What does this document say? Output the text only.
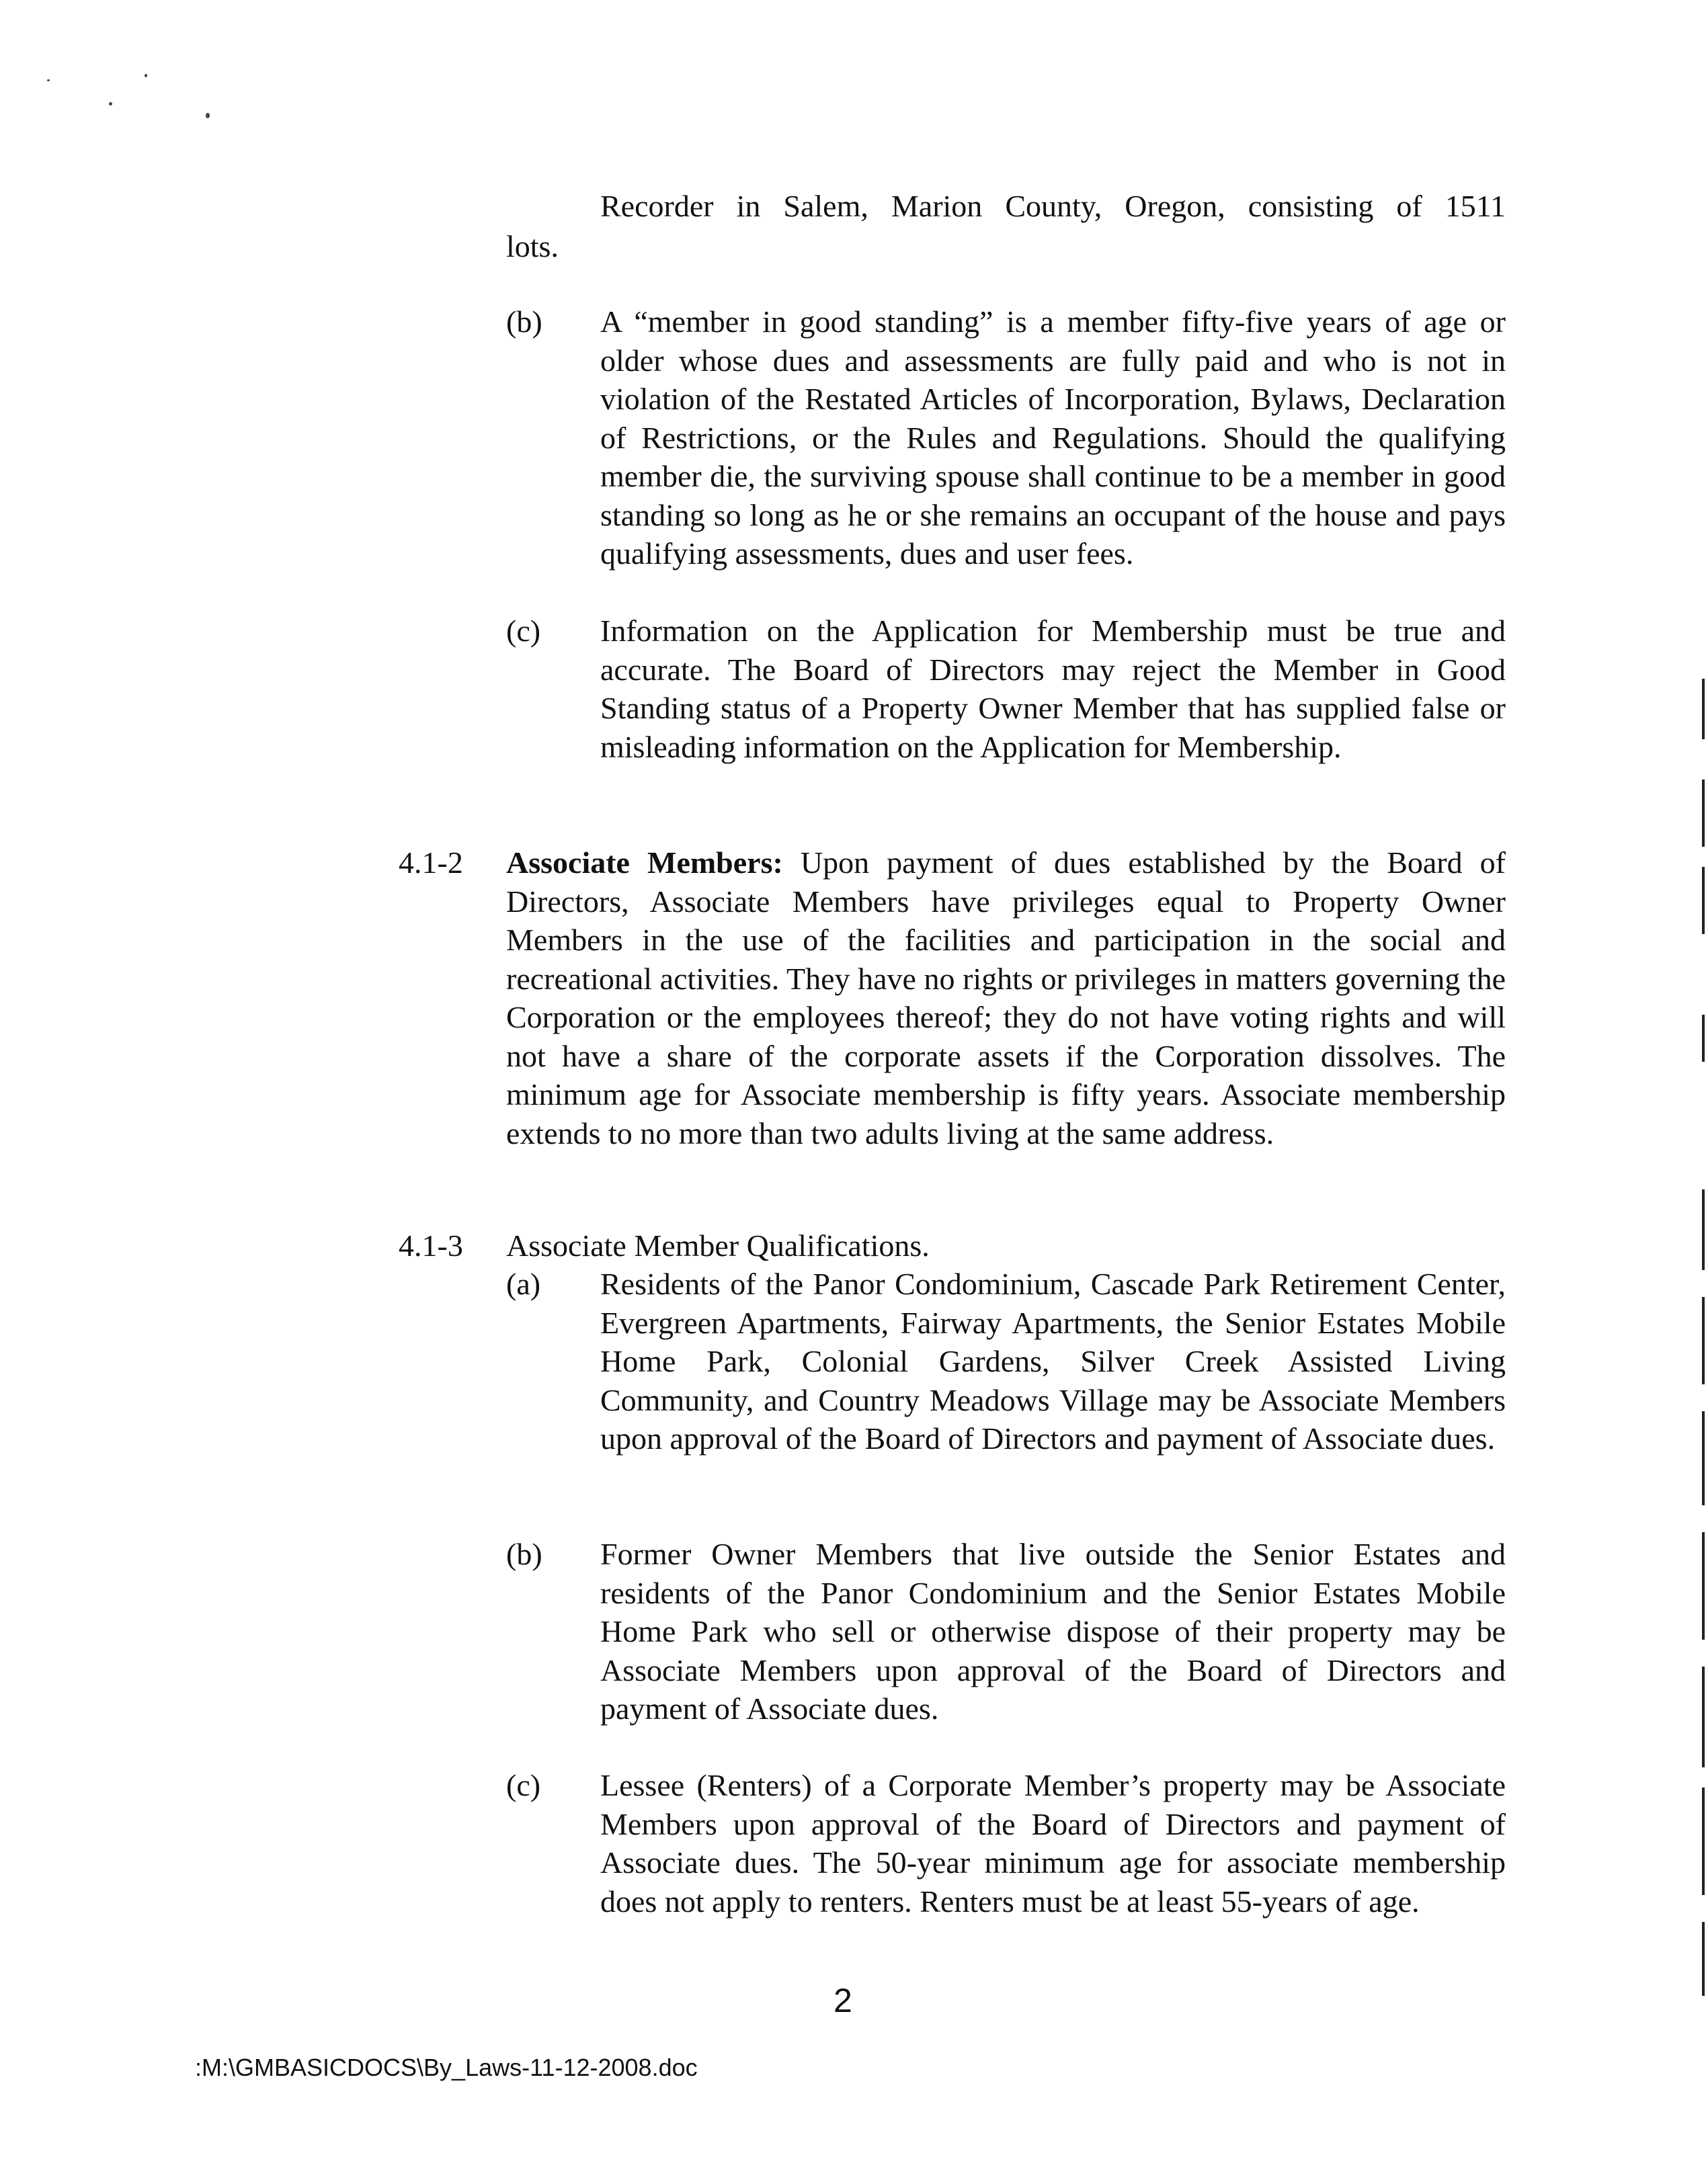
Recorder in Salem, Marion County, Oregon, consisting of 1511
lots.
(b) A “member in good standing” is a member fifty-five years of age or older whose dues and assessments are fully paid and who is not in violation of the Restated Articles of Incorporation, Bylaws, Declaration of Restrictions, or the Rules and Regulations. Should the qualifying member die, the surviving spouse shall continue to be a member in good standing so long as he or she remains an occupant of the house and pays qualifying assessments, dues and user fees.
(c) Information on the Application for Membership must be true and accurate. The Board of Directors may reject the Member in Good Standing status of a Property Owner Member that has supplied false or misleading information on the Application for Membership.
4.1-2 Associate Members: Upon payment of dues established by the Board of Directors, Associate Members have privileges equal to Property Owner Members in the use of the facilities and participation in the social and recreational activities. They have no rights or privileges in matters governing the Corporation or the employees thereof; they do not have voting rights and will not have a share of the corporate assets if the Corporation dissolves. The minimum age for Associate membership is fifty years. Associate membership extends to no more than two adults living at the same address.
4.1-3 Associate Member Qualifications.
(a) Residents of the Panor Condominium, Cascade Park Retirement Center, Evergreen Apartments, Fairway Apartments, the Senior Estates Mobile Home Park, Colonial Gardens, Silver Creek Assisted Living Community, and Country Meadows Village may be Associate Members upon approval of the Board of Directors and payment of Associate dues.
(b) Former Owner Members that live outside the Senior Estates and residents of the Panor Condominium and the Senior Estates Mobile Home Park who sell or otherwise dispose of their property may be Associate Members upon approval of the Board of Directors and payment of Associate dues.
(c) Lessee (Renters) of a Corporate Member’s property may be Associate Members upon approval of the Board of Directors and payment of Associate dues. The 50-year minimum age for associate membership does not apply to renters. Renters must be at least 55-years of age.
2
:M:\GMBASICDOCS\By_Laws-11-12-2008.doc
